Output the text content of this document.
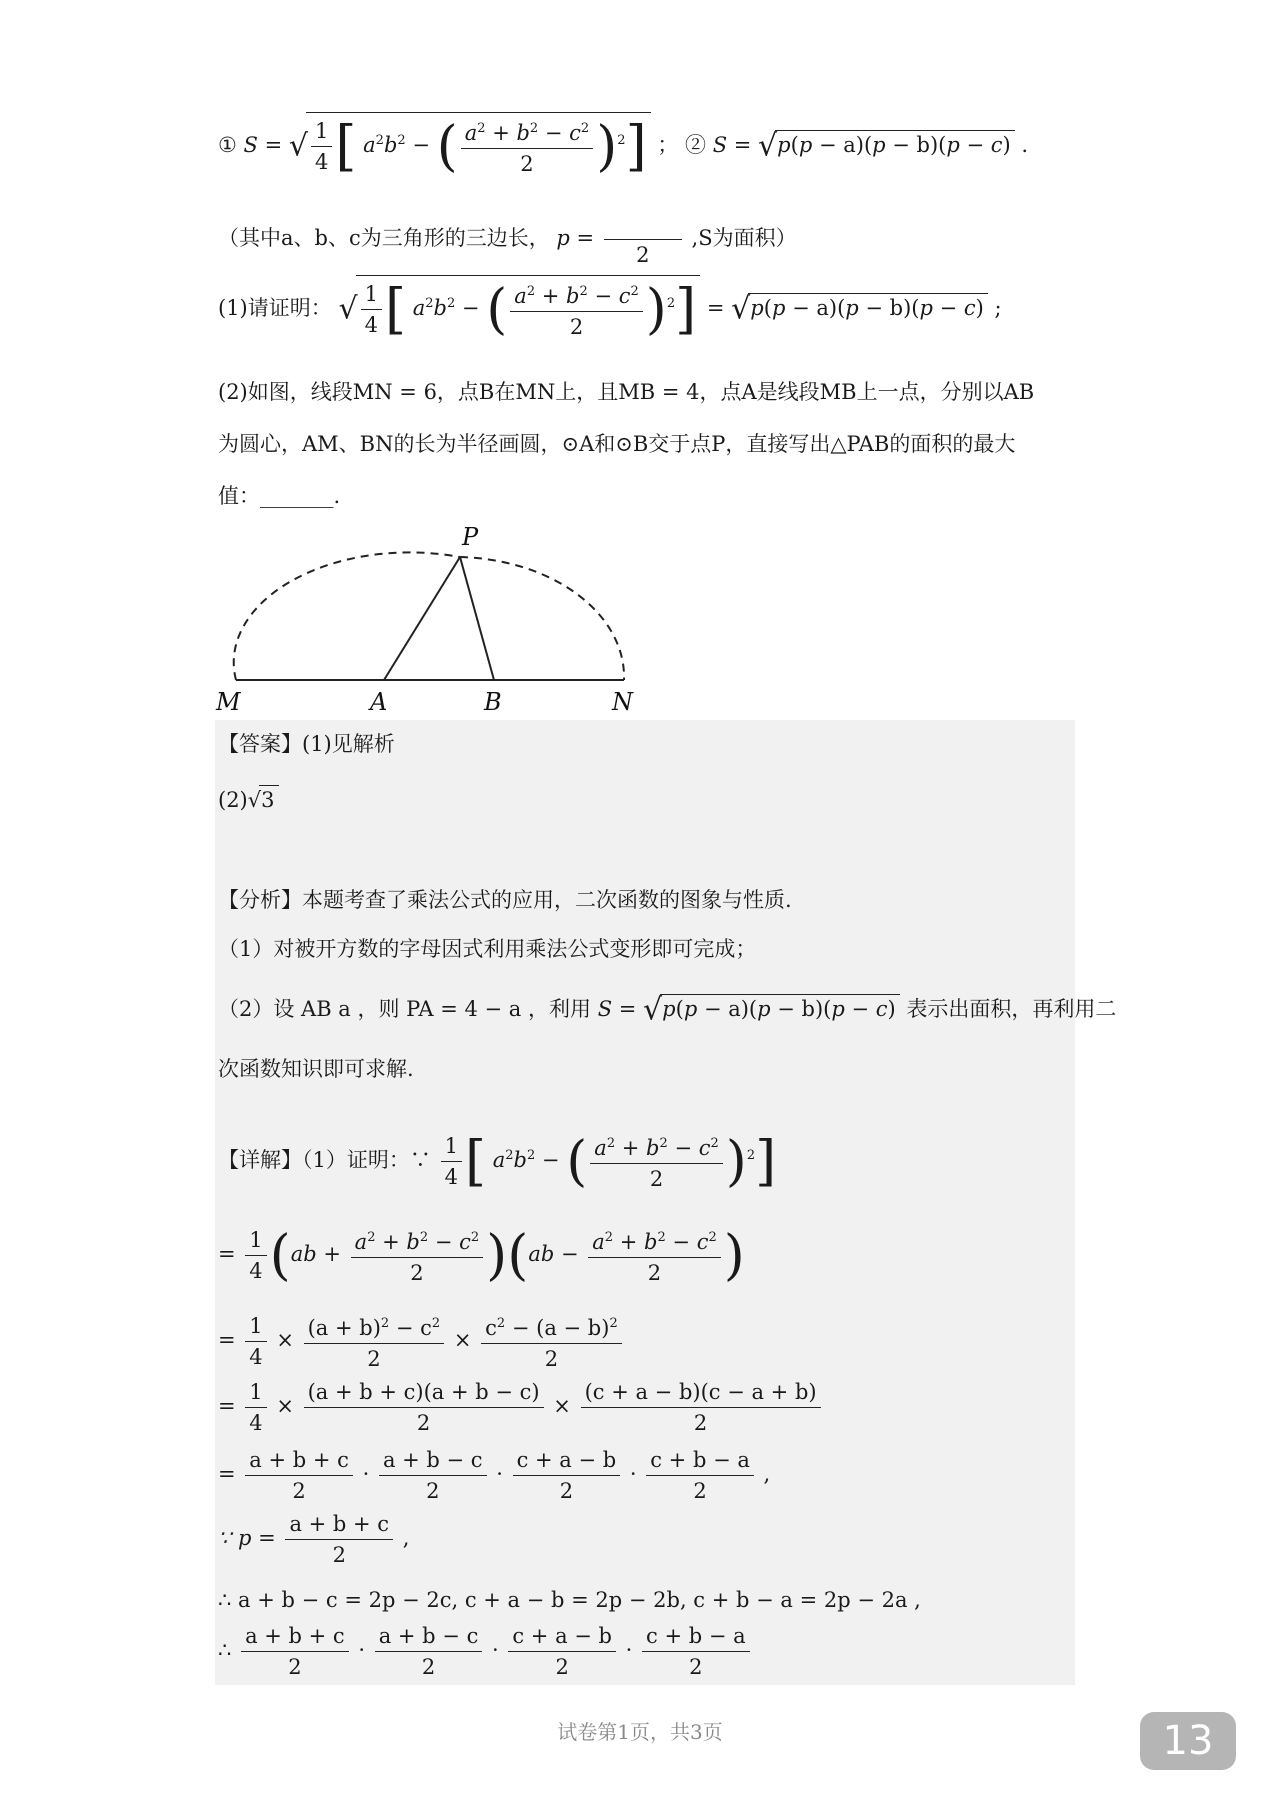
① S = √ $\frac{1}{4}$ [ $a^2b^2$ − ( $\frac{a^2 + b^2 - c^2}{2} )^2$] ； ② S = √p(p − a)(p − b)(p − c) .
（其中a、b、c为三角形的三边长， p =

2
,S为面积）
(1)请证明： √ $\frac{1}{4}$ [ $a^2b^2$ − ( $\frac{a^2 + b^2 - c^2}{2} )^2] = √p(p - a)(p - b)(p - c)$ ;
(2)如图，线段MN = 6，点B在MN上，且MB = 4，点A是线段MB上一点，分别以AB
为圆心，AM、BN的长为半径画圆，⊙A和⊙B交于点P，直接写出△PAB的面积的最大
值：_______.
P
M	A	B	N
【答案】(1)见解析
(2)√3
【分析】本题考查了乘法公式的应用，二次函数的图象与性质.
（1）对被开方数的字母因式利用乘法公式变形即可完成；
（2）设 AB a ，则 PA = 4 − a ，利用 S = √p(p − a)(p − b)(p − c) 表示出面积，再利用二
次函数知识即可求解.
【详解】（1）证明：∵ $\frac{1}{4}$ [ $a^2b^2$ − ( $\frac{a^2 + b^2 - c^2}{2} )^2$]
= $\frac{1}{4} (ab + \frac{a^2 + b^2 - c^2}{2} )(ab - \frac{a^2 + b^2 - c^2}{2}$ )
= $\frac{1}{4} \times \frac{(a + b)^2 - c^2}{2} \times \frac{c^2 - (a - b)^2}{2}$
= $\frac{1}{4} \times \frac{(a + b + c)(a + b - c)}{2} \times \frac{(c + a - b)(c - a + b)}{2}$
= $\frac{a + b + c}{2} \cdot \frac{a + b - c}{2} \cdot \frac{c + a - b}{2} \cdot \frac{c + b - a}{2}$ ,
∵ $p = \frac{a + b + c}{2}$ ,
∴ a + b − c = 2p − 2c, c + a − b = 2p − 2b, c + b − a = 2p − 2a ,
∴ $\frac{a + b + c}{2} \cdot \frac{a + b - c}{2} \cdot \frac{c + a - b}{2} \cdot \frac{c + b - a}{2}$
试卷第1页，共3页	13
